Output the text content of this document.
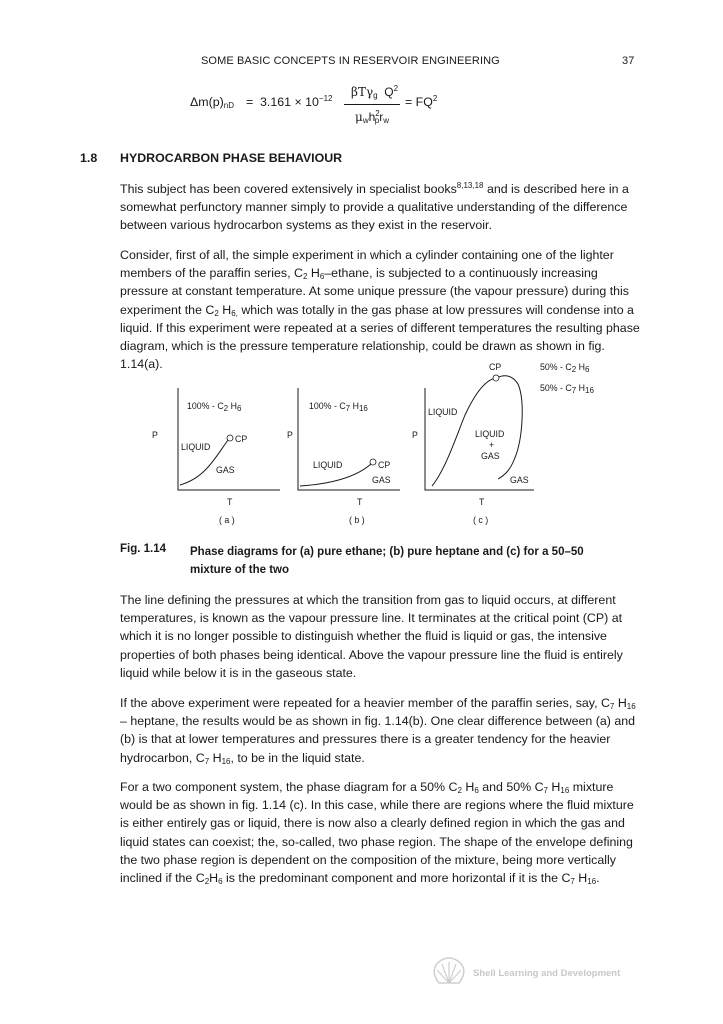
SOME BASIC CONCEPTS IN RESERVOIR ENGINEERING	37
$\Delta m(p)_{nD} = 3.161 \times 10^{-12}$ βTγ$_g$ $Q^2$
$\mu_wh^2_pr_w$
= $FQ^2$
1.8 HYDROCARBON PHASE BEHAVIOUR
This subject has been covered extensively in specialist books$^{8,13,18}$ and is described here in a somewhat perfunctory manner simply to provide a qualitative understanding of the difference between various hydrocarbon systems as they exist in the reservoir.
Consider, first of all, the simple experiment in which a cylinder containing one of the lighter members of the paraffin series, $C_2$ $H_6$–ethane, is subjected to a continuously increasing pressure at constant temperature. At some unique pressure (the vapour pressure) during this experiment the $C_2$ $H_{6,}$ which was totally in the gas phase at low pressures will condense into a liquid. If this experiment were repeated at a series of different temperatures the resulting phase diagram, which is the pressure temperature relationship, could be drawn as shown in fig. 1.14(a).
$100\% - C_2$ $H_6$
P	CP
LIQUID
GAS
T
( a )
$100\% - C_7$ $H_{16}$
P
LIQUID	CP
GAS
T
( b )
CP
LIQUID
P	LIQUID
+
GAS
GAS
T
( c )
$50\% - C_2$ $H_6$
$50\% - C_7$ $H_{16}$
Fig. 1.14 Phase diagrams for (a) pure ethane; (b) pure heptane and (c) for a 50–50 mixture of the two
The line defining the pressures at which the transition from gas to liquid occurs, at different temperatures, is known as the vapour pressure line. It terminates at the critical point (CP) at which it is no longer possible to distinguish whether the fluid is liquid or gas, the intensive properties of both phases being identical. Above the vapour pressure line the fluid is entirely liquid while below it is in the gaseous state.
If the above experiment were repeated for a heavier member of the paraffin series, say, $C_7$ $H_{16}$ – heptane, the results would be as shown in fig. 1.14(b). One clear difference between (a) and (b) is that at lower temperatures and pressures there is a greater tendency for the heavier hydrocarbon, $C_7$ $H_{16}$, to be in the liquid state.
For a two component system, the phase diagram for a 50% $C_2$ $H_6$ and 50% $C_7$ $H_{16}$ mixture would be as shown in fig. 1.14 (c). In this case, while there are regions where the fluid mixture is either entirely gas or liquid, there is now also a clearly defined region in which the gas and liquid states can coexist; the, so-called, two phase region. The shape of the envelope defining the two phase region is dependent on the composition of the mixture, being more vertically inclined if the $C_2H_6$ is the predominant component and more horizontal if it is the $C_7$ $H_{16}$.
Shell Learning and Development
